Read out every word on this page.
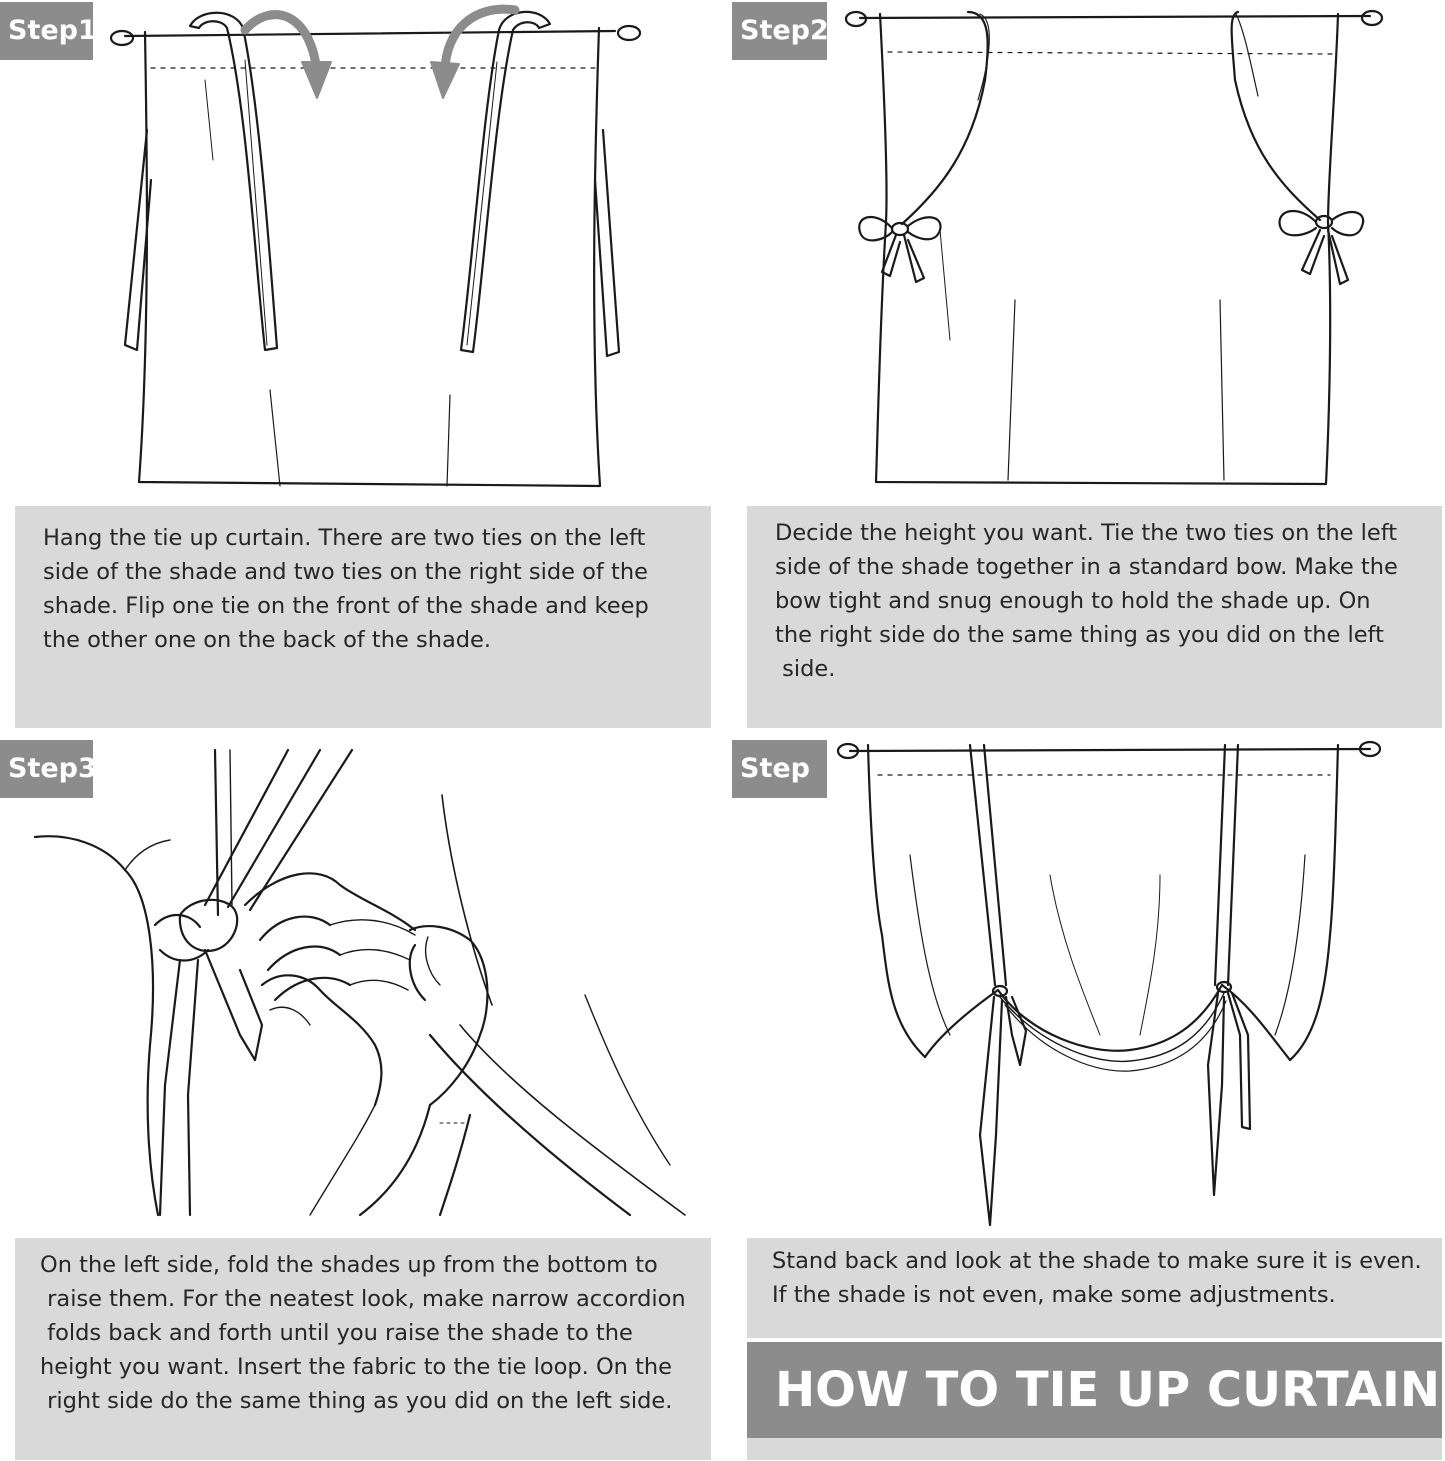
Step1

Hang the tie up curtain. There are two ties on the left

side of the shade and two ties on the right side of the

shade. Flip one tie on the front of the shade and keep

the other one on the back of the shade.

Step2

Decide the height you want. Tie the two ties on the left

side of the shade together in a standard bow. Make the

bow tight and snug enough to hold the shade up. On

the right side do the same thing as you did on the left

side.

Step3

On the left side, fold the shades up from the bottom to

raise them. For the neatest look, make narrow accordion

folds back and forth until you raise the shade to the

height you want. Insert the fabric to the tie loop. On the

right side do the same thing as you did on the left side.

Step 4

Stand back and look at the shade to make sure it is even.

If the shade is not even, make some adjustments.

HOW TO TIE UP CURTAIN
